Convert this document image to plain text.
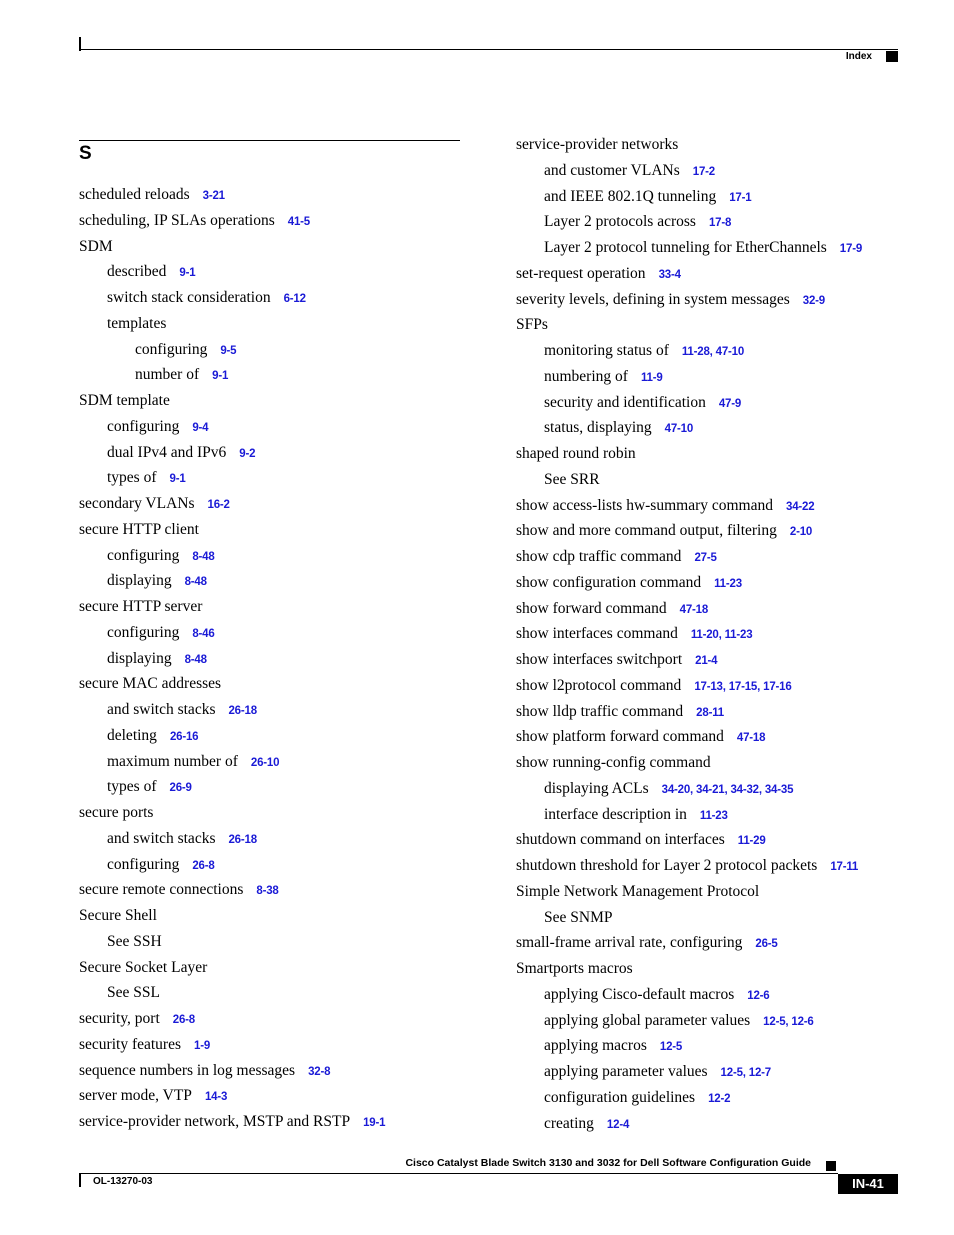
Index
S
scheduled reloads 3-21
scheduling, IP SLAs operations 41-5
SDM
described 9-1
switch stack consideration 6-12
templates
configuring 9-5
number of 9-1
SDM template
configuring 9-4
dual IPv4 and IPv6 9-2
types of 9-1
secondary VLANs 16-2
secure HTTP client
configuring 8-48
displaying 8-48
secure HTTP server
configuring 8-46
displaying 8-48
secure MAC addresses
and switch stacks 26-18
deleting 26-16
maximum number of 26-10
types of 26-9
secure ports
and switch stacks 26-18
configuring 26-8
secure remote connections 8-38
Secure Shell
See SSH
Secure Socket Layer
See SSL
security, port 26-8
security features 1-9
sequence numbers in log messages 32-8
server mode, VTP 14-3
service-provider network, MSTP and RSTP 19-1
service-provider networks
and customer VLANs 17-2
and IEEE 802.1Q tunneling 17-1
Layer 2 protocols across 17-8
Layer 2 protocol tunneling for EtherChannels 17-9
set-request operation 33-4
severity levels, defining in system messages 32-9
SFPs
monitoring status of 11-28, 47-10
numbering of 11-9
security and identification 47-9
status, displaying 47-10
shaped round robin
See SRR
show access-lists hw-summary command 34-22
show and more command output, filtering 2-10
show cdp traffic command 27-5
show configuration command 11-23
show forward command 47-18
show interfaces command 11-20, 11-23
show interfaces switchport 21-4
show l2protocol command 17-13, 17-15, 17-16
show lldp traffic command 28-11
show platform forward command 47-18
show running-config command
displaying ACLs 34-20, 34-21, 34-32, 34-35
interface description in 11-23
shutdown command on interfaces 11-29
shutdown threshold for Layer 2 protocol packets 17-11
Simple Network Management Protocol
See SNMP
small-frame arrival rate, configuring 26-5
Smartports macros
applying Cisco-default macros 12-6
applying global parameter values 12-5, 12-6
applying macros 12-5
applying parameter values 12-5, 12-7
configuration guidelines 12-2
creating 12-4
Cisco Catalyst Blade Switch 3130 and 3032 for Dell Software Configuration Guide
OL-13270-03	IN-41
